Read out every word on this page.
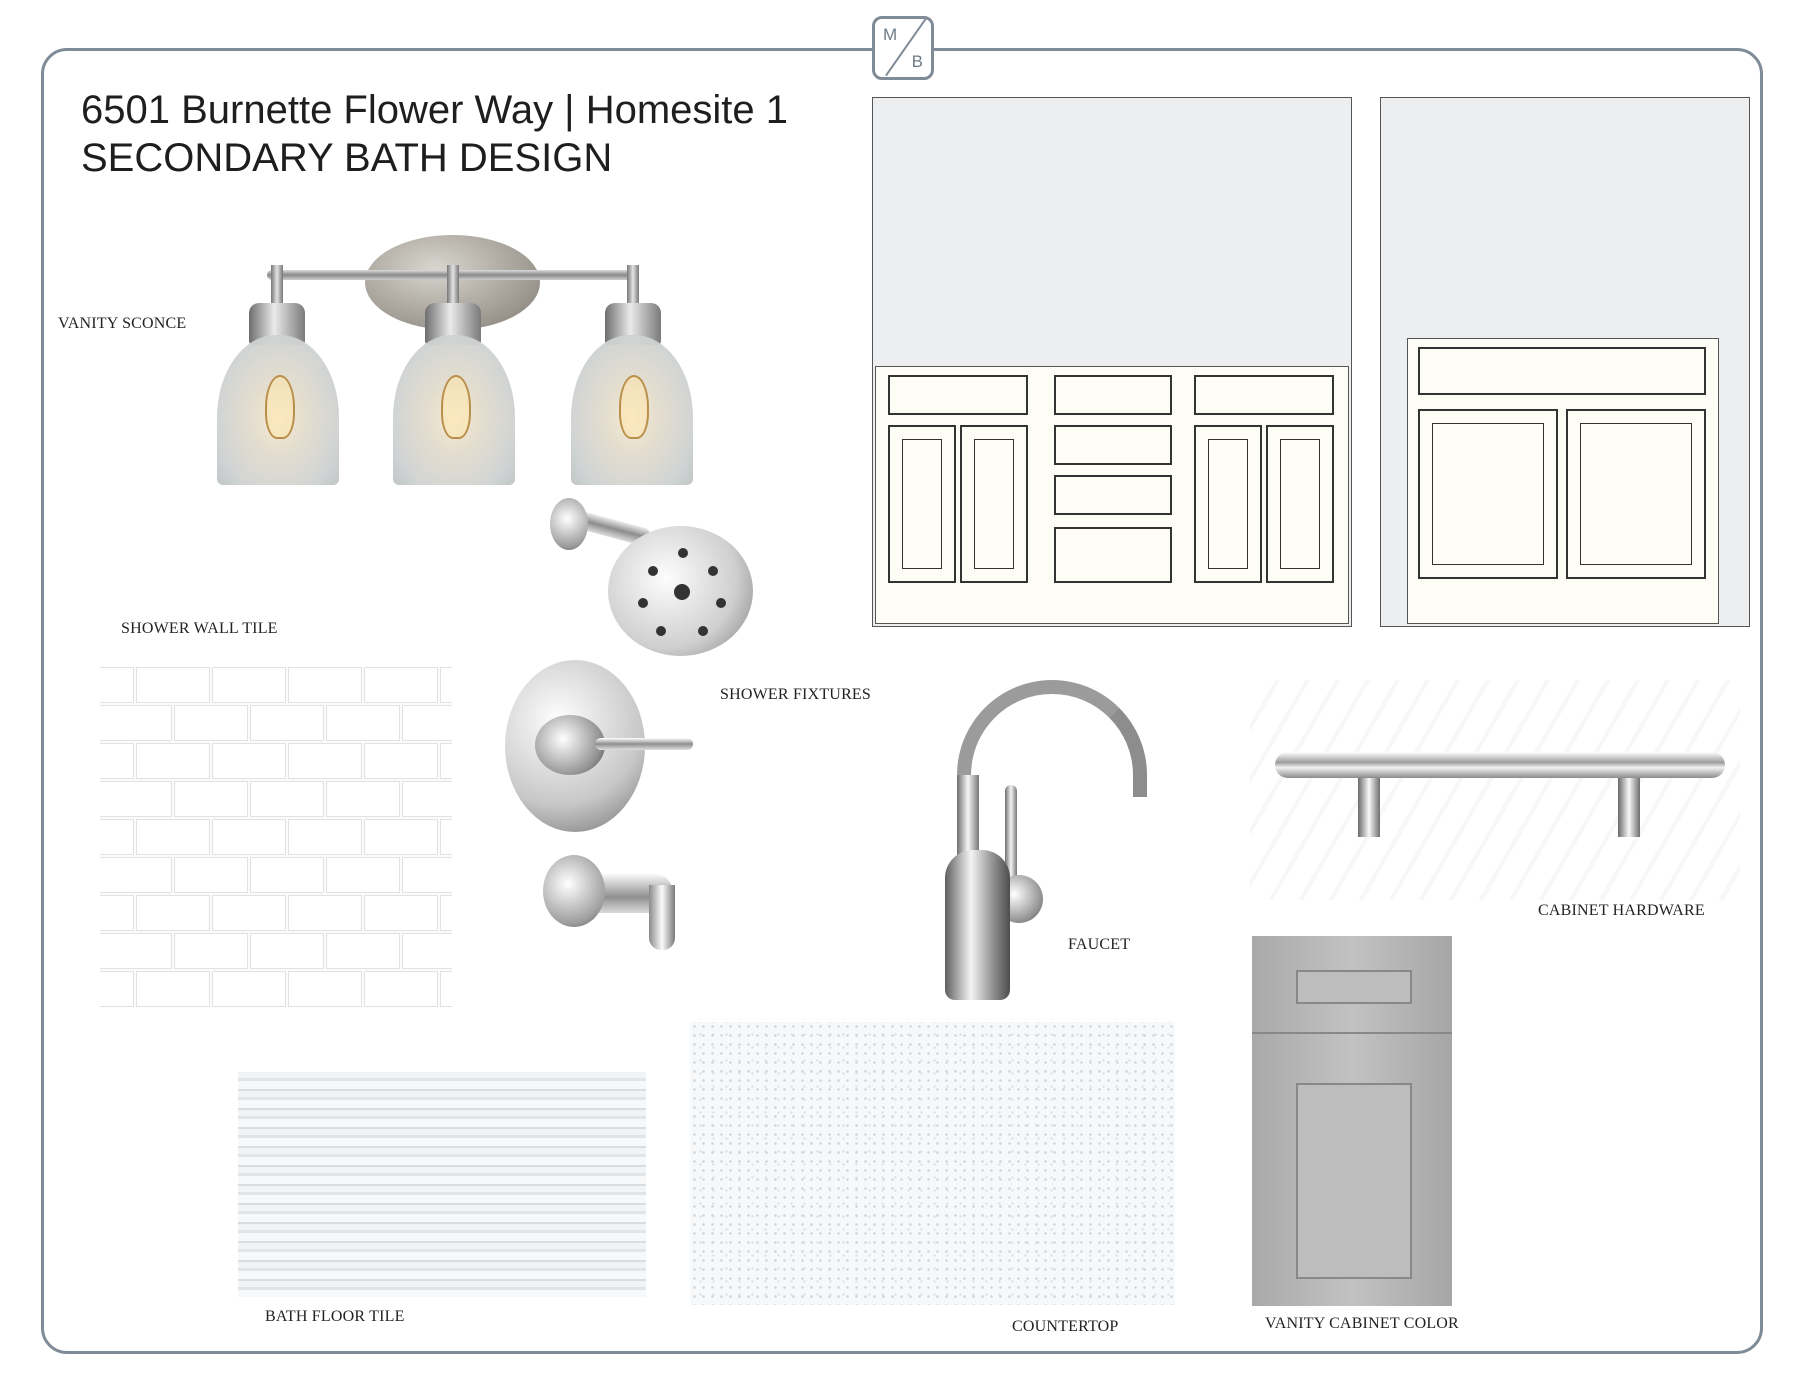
M
B
6501 Burnette Flower Way | Homesite 1
SECONDARY BATH DESIGN
VANITY SCONCE
SHOWER WALL TILE
SHOWER FIXTURES
FAUCET
CABINET HARDWARE
BATH FLOOR TILE
COUNTERTOP	VANITY CABINET COLOR
